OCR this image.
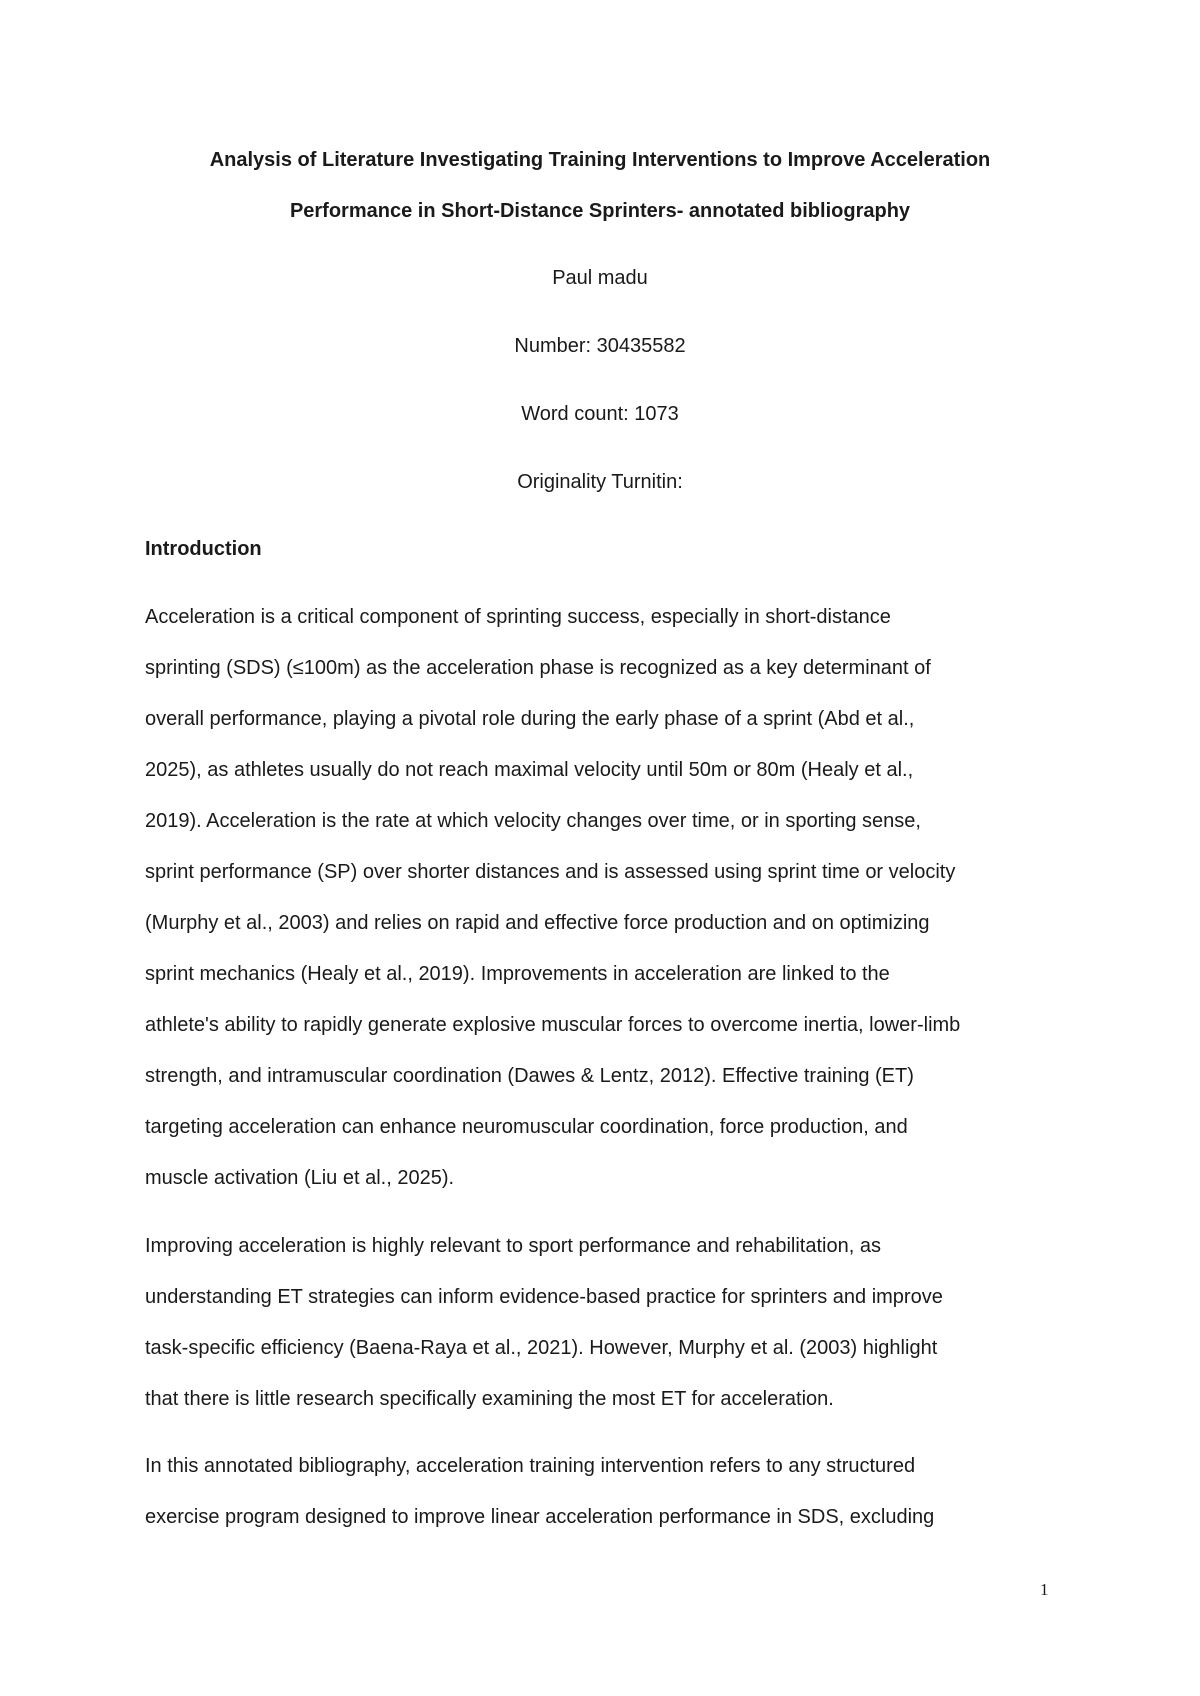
Analysis of Literature Investigating Training Interventions to Improve Acceleration
Performance in Short-Distance Sprinters- annotated bibliography
Paul madu
Number: 30435582
Word count: 1073
Originality Turnitin:
Introduction
Acceleration is a critical component of sprinting success, especially in short-distance
sprinting (SDS) (≤100m) as the acceleration phase is recognized as a key determinant of
overall performance, playing a pivotal role during the early phase of a sprint (Abd et al.,
2025), as athletes usually do not reach maximal velocity until 50m or 80m (Healy et al.,
2019). Acceleration is the rate at which velocity changes over time, or in sporting sense,
sprint performance (SP) over shorter distances and is assessed using sprint time or velocity
(Murphy et al., 2003) and relies on rapid and effective force production and on optimizing
sprint mechanics (Healy et al., 2019). Improvements in acceleration are linked to the
athlete's ability to rapidly generate explosive muscular forces to overcome inertia, lower-limb
strength, and intramuscular coordination (Dawes & Lentz, 2012). Effective training (ET)
targeting acceleration can enhance neuromuscular coordination, force production, and
muscle activation (Liu et al., 2025).
Improving acceleration is highly relevant to sport performance and rehabilitation, as
understanding ET strategies can inform evidence-based practice for sprinters and improve
task-specific efficiency (Baena-Raya et al., 2021). However, Murphy et al. (2003) highlight
that there is little research specifically examining the most ET for acceleration.
In this annotated bibliography, acceleration training intervention refers to any structured
exercise program designed to improve linear acceleration performance in SDS, excluding
1
